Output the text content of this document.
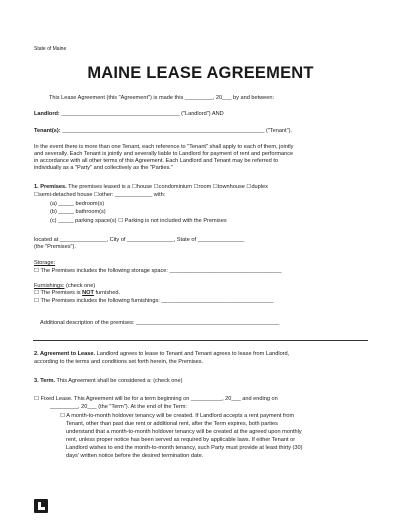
State of Maine
MAINE LEASE AGREEMENT
This Lease Agreement (this "Agreement") is made this _________, 20___ by and between:
Landlord: ______________________________________ ("Landlord") AND
Tenant(s): _________________________________________________________________ ("Tenant").
In the event there is more than one Tenant, each reference to "Tenant" shall apply to each of them, jointly
and severally. Each Tenant is jointly and severally liable to Landlord for payment of rent and performance
in accordance with all other terms of this Agreement. Each Landlord and Tenant may be referred to
individually as a "Party" and collectively as the "Parties."
1. Premises. The premises leased is a ☐house ☐condominium ☐room ☐townhouse ☐duplex
☐semi-detached house ☐other: ____________ with:
(a) _____ bedroom(s)
(b) _____ bathroom(s)
(c) _____ parking space(s) ☐ Parking is not included with the Premises
located at _______________, City of _______________, State of _______________
(the "Premises").
Storage:
☐ The Premises includes the following storage space: ____________________________________
Furnishings: (check one)
☐ The Premises is NOT furnished.
☐ The Premises includes the following furnishings: ____________________________________
Additional description of the premises: ______________________________________________
2. Agreement to Lease. Landlord agrees to lease to Tenant and Tenant agrees to lease from Landlord,
according to the terms and conditions set forth herein, the Premises.
3. Term. This Agreement shall be considered a: (check one)
☐ Fixed Lease. This Agreement will be for a term beginning on __________, 20___ and ending on
_________, 20___ (the "Term"). At the end of the Term:
☐ A month-to-month holdover tenancy will be created. If Landlord accepts a rent payment from
Tenant, other than past due rent or additional rent, after the Term expires, both parties
understand that a month-to-month holdover tenancy will be created at the agreed upon monthly
rent, unless proper notice has been served as required by applicable laws. If either Tenant or
Landlord wishes to end the month-to-month tenancy, such Party must provide at least thirty (30)
days' written notice before the desired termination date.
